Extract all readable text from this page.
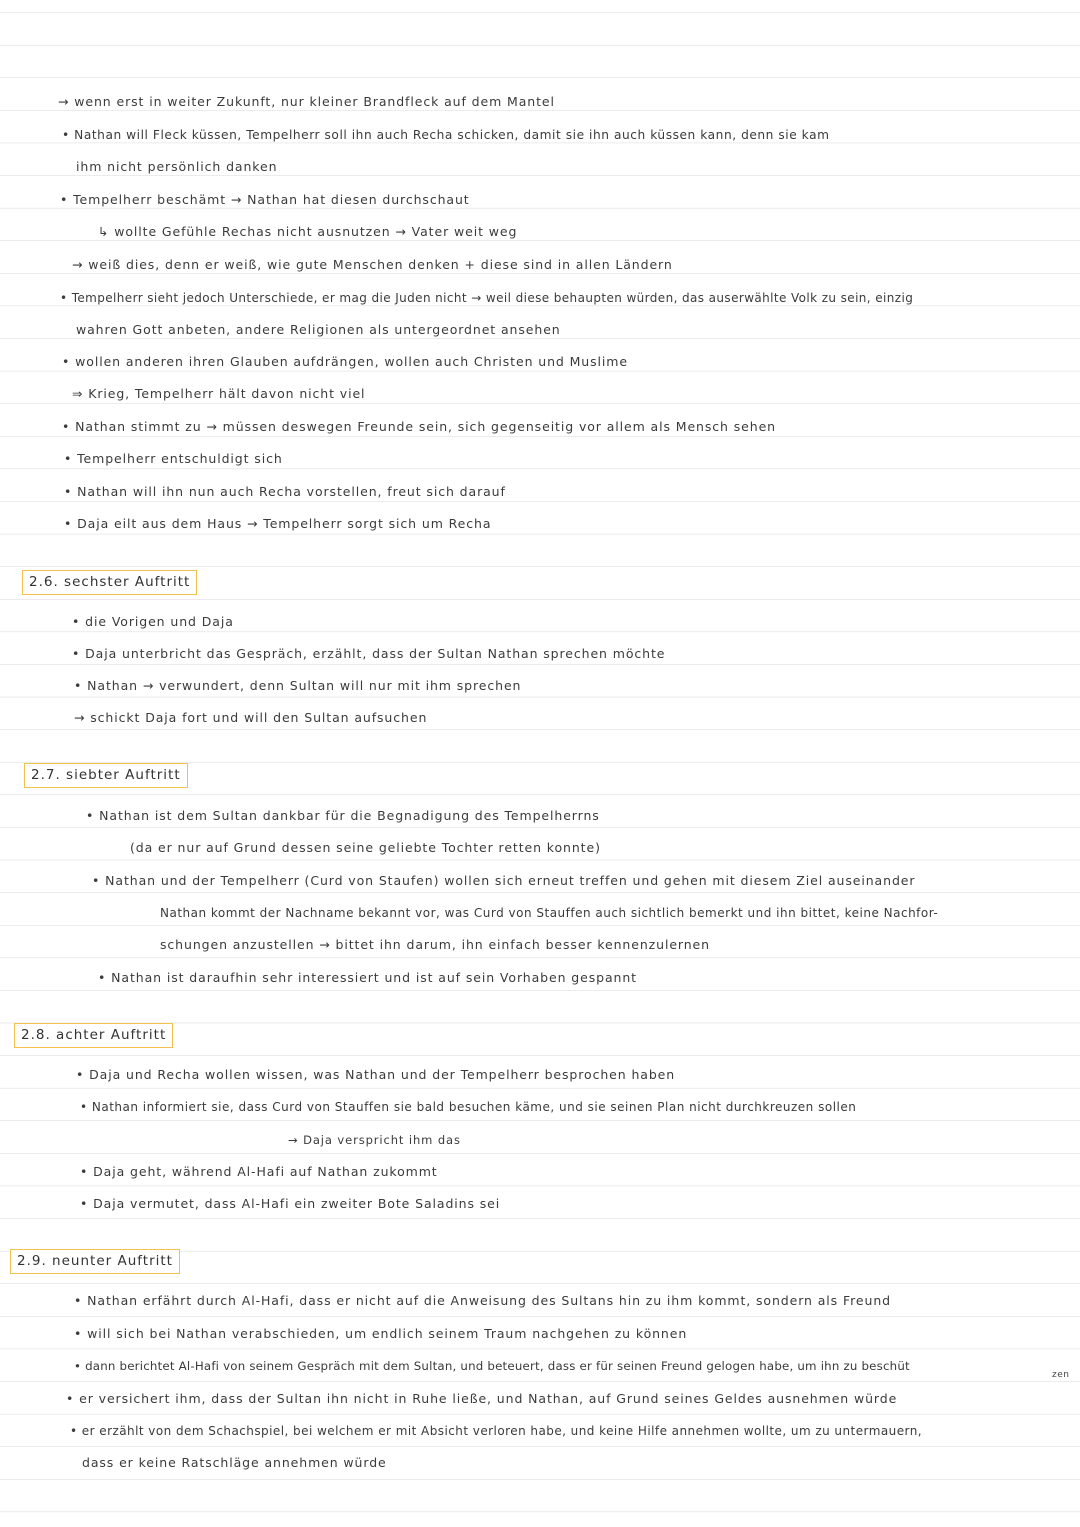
→ wenn erst in weiter Zukunft, nur kleiner Brandfleck auf dem Mantel
• Nathan will Fleck küssen, Tempelherr soll ihn auch Recha schicken, damit sie ihn auch küssen kann, denn sie kam
ihm nicht persönlich danken
• Tempelherr beschämt → Nathan hat diesen durchschaut
↳ wollte Gefühle Rechas nicht ausnutzen → Vater weit weg
→ weiß dies, denn er weiß, wie gute Menschen denken + diese sind in allen Ländern
• Tempelherr sieht jedoch Unterschiede, er mag die Juden nicht → weil diese behaupten würden, das auserwählte Volk zu sein, einzig
wahren Gott anbeten, andere Religionen als untergeordnet ansehen
• wollen anderen ihren Glauben aufdrängen, wollen auch Christen und Muslime
⇒ Krieg, Tempelherr hält davon nicht viel
• Nathan stimmt zu → müssen deswegen Freunde sein, sich gegenseitig vor allem als Mensch sehen
• Tempelherr entschuldigt sich
• Nathan will ihn nun auch Recha vorstellen, freut sich darauf
• Daja eilt aus dem Haus → Tempelherr sorgt sich um Recha
2.6. sechster Auftritt
• die Vorigen und Daja
• Daja unterbricht das Gespräch, erzählt, dass der Sultan Nathan sprechen möchte
• Nathan → verwundert, denn Sultan will nur mit ihm sprechen
→ schickt Daja fort und will den Sultan aufsuchen
2.7. siebter Auftritt
• Nathan ist dem Sultan dankbar für die Begnadigung des Tempelherrns
(da er nur auf Grund dessen seine geliebte Tochter retten konnte)
• Nathan und der Tempelherr (Curd von Staufen) wollen sich erneut treffen und gehen mit diesem Ziel auseinander
Nathan kommt der Nachname bekannt vor, was Curd von Stauffen auch sichtlich bemerkt und ihn bittet, keine Nachfor-
schungen anzustellen → bittet ihn darum, ihn einfach besser kennenzulernen
• Nathan ist daraufhin sehr interessiert und ist auf sein Vorhaben gespannt
2.8. achter Auftritt
• Daja und Recha wollen wissen, was Nathan und der Tempelherr besprochen haben
• Nathan informiert sie, dass Curd von Stauffen sie bald besuchen käme, und sie seinen Plan nicht durchkreuzen sollen
→ Daja verspricht ihm das
• Daja geht, während Al-Hafi auf Nathan zukommt
• Daja vermutet, dass Al-Hafi ein zweiter Bote Saladins sei
2.9. neunter Auftritt
• Nathan erfährt durch Al-Hafi, dass er nicht auf die Anweisung des Sultans hin zu ihm kommt, sondern als Freund
• will sich bei Nathan verabschieden, um endlich seinem Traum nachgehen zu können
• dann berichtet Al-Hafi von seinem Gespräch mit dem Sultan, und beteuert, dass er für seinen Freund gelogen habe, um ihn zu beschüt
zen
• er versichert ihm, dass der Sultan ihn nicht in Ruhe ließe, und Nathan, auf Grund seines Geldes ausnehmen würde
• er erzählt von dem Schachspiel, bei welchem er mit Absicht verloren habe, und keine Hilfe annehmen wollte, um zu untermauern,
dass er keine Ratschläge annehmen würde
